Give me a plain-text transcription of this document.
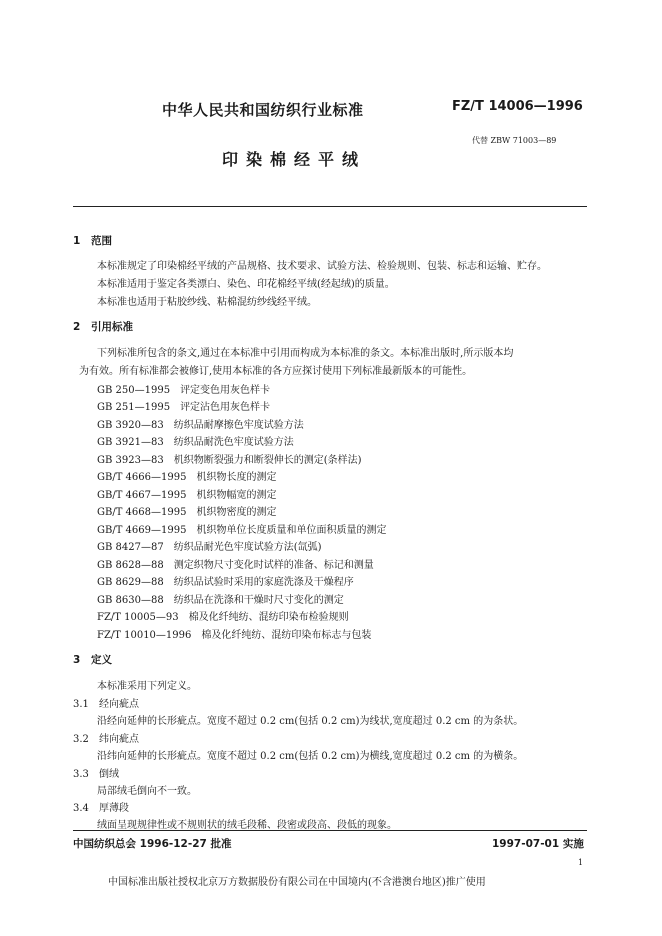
中华人民共和国纺织行业标准	FZ/T 14006—1996
代替 ZBW 71003—89
印染棉经平绒
1 范围
本标准规定了印染棉经平绒的产品规格、技术要求、试验方法、检验规则、包装、标志和运输、贮存。
本标准适用于鉴定各类漂白、染色、印花棉经平绒(经起绒)的质量。
本标准也适用于粘胶纱线、粘棉混纺纱线经平绒。
2 引用标准
下列标准所包含的条文,通过在本标准中引用而构成为本标准的条文。本标准出版时,所示版本均
为有效。所有标准都会被修订,使用本标准的各方应探讨使用下列标准最新版本的可能性。
GB 250—1995 评定变色用灰色样卡
GB 251—1995 评定沾色用灰色样卡
GB 3920—83 纺织品耐摩擦色牢度试验方法
GB 3921—83 纺织品耐洗色牢度试验方法
GB 3923—83 机织物断裂强力和断裂伸长的测定(条样法)
GB/T 4666—1995 机织物长度的测定
GB/T 4667—1995 机织物幅宽的测定
GB/T 4668—1995 机织物密度的测定
GB/T 4669—1995 机织物单位长度质量和单位面积质量的测定
GB 8427—87 纺织品耐光色牢度试验方法(氙弧)
GB 8628—88 测定织物尺寸变化时试样的准备、标记和测量
GB 8629—88 纺织品试验时采用的家庭洗涤及干燥程序
GB 8630—88 纺织品在洗涤和干燥时尺寸变化的测定
FZ/T 10005—93 棉及化纤纯纺、混纺印染布检验规则
FZ/T 10010—1996 棉及化纤纯纺、混纺印染布标志与包装
3 定义
本标准采用下列定义。
3.1 经向疵点
沿经向延伸的长形疵点。宽度不超过 0.2 cm(包括 0.2 cm)为线状,宽度超过 0.2 cm 的为条状。
3.2 纬向疵点
沿纬向延伸的长形疵点。宽度不超过 0.2 cm(包括 0.2 cm)为横线,宽度超过 0.2 cm 的为横条。
3.3 倒绒
局部绒毛倒向不一致。
3.4 厚薄段
绒面呈现规律性或不规则状的绒毛段稀、段密或段高、段低的现象。
中国纺织总会 1996-12-27 批准	1997-07-01 实施
1
中国标准出版社授权北京万方数据股份有限公司在中国境内(不含港澳台地区)推广使用
